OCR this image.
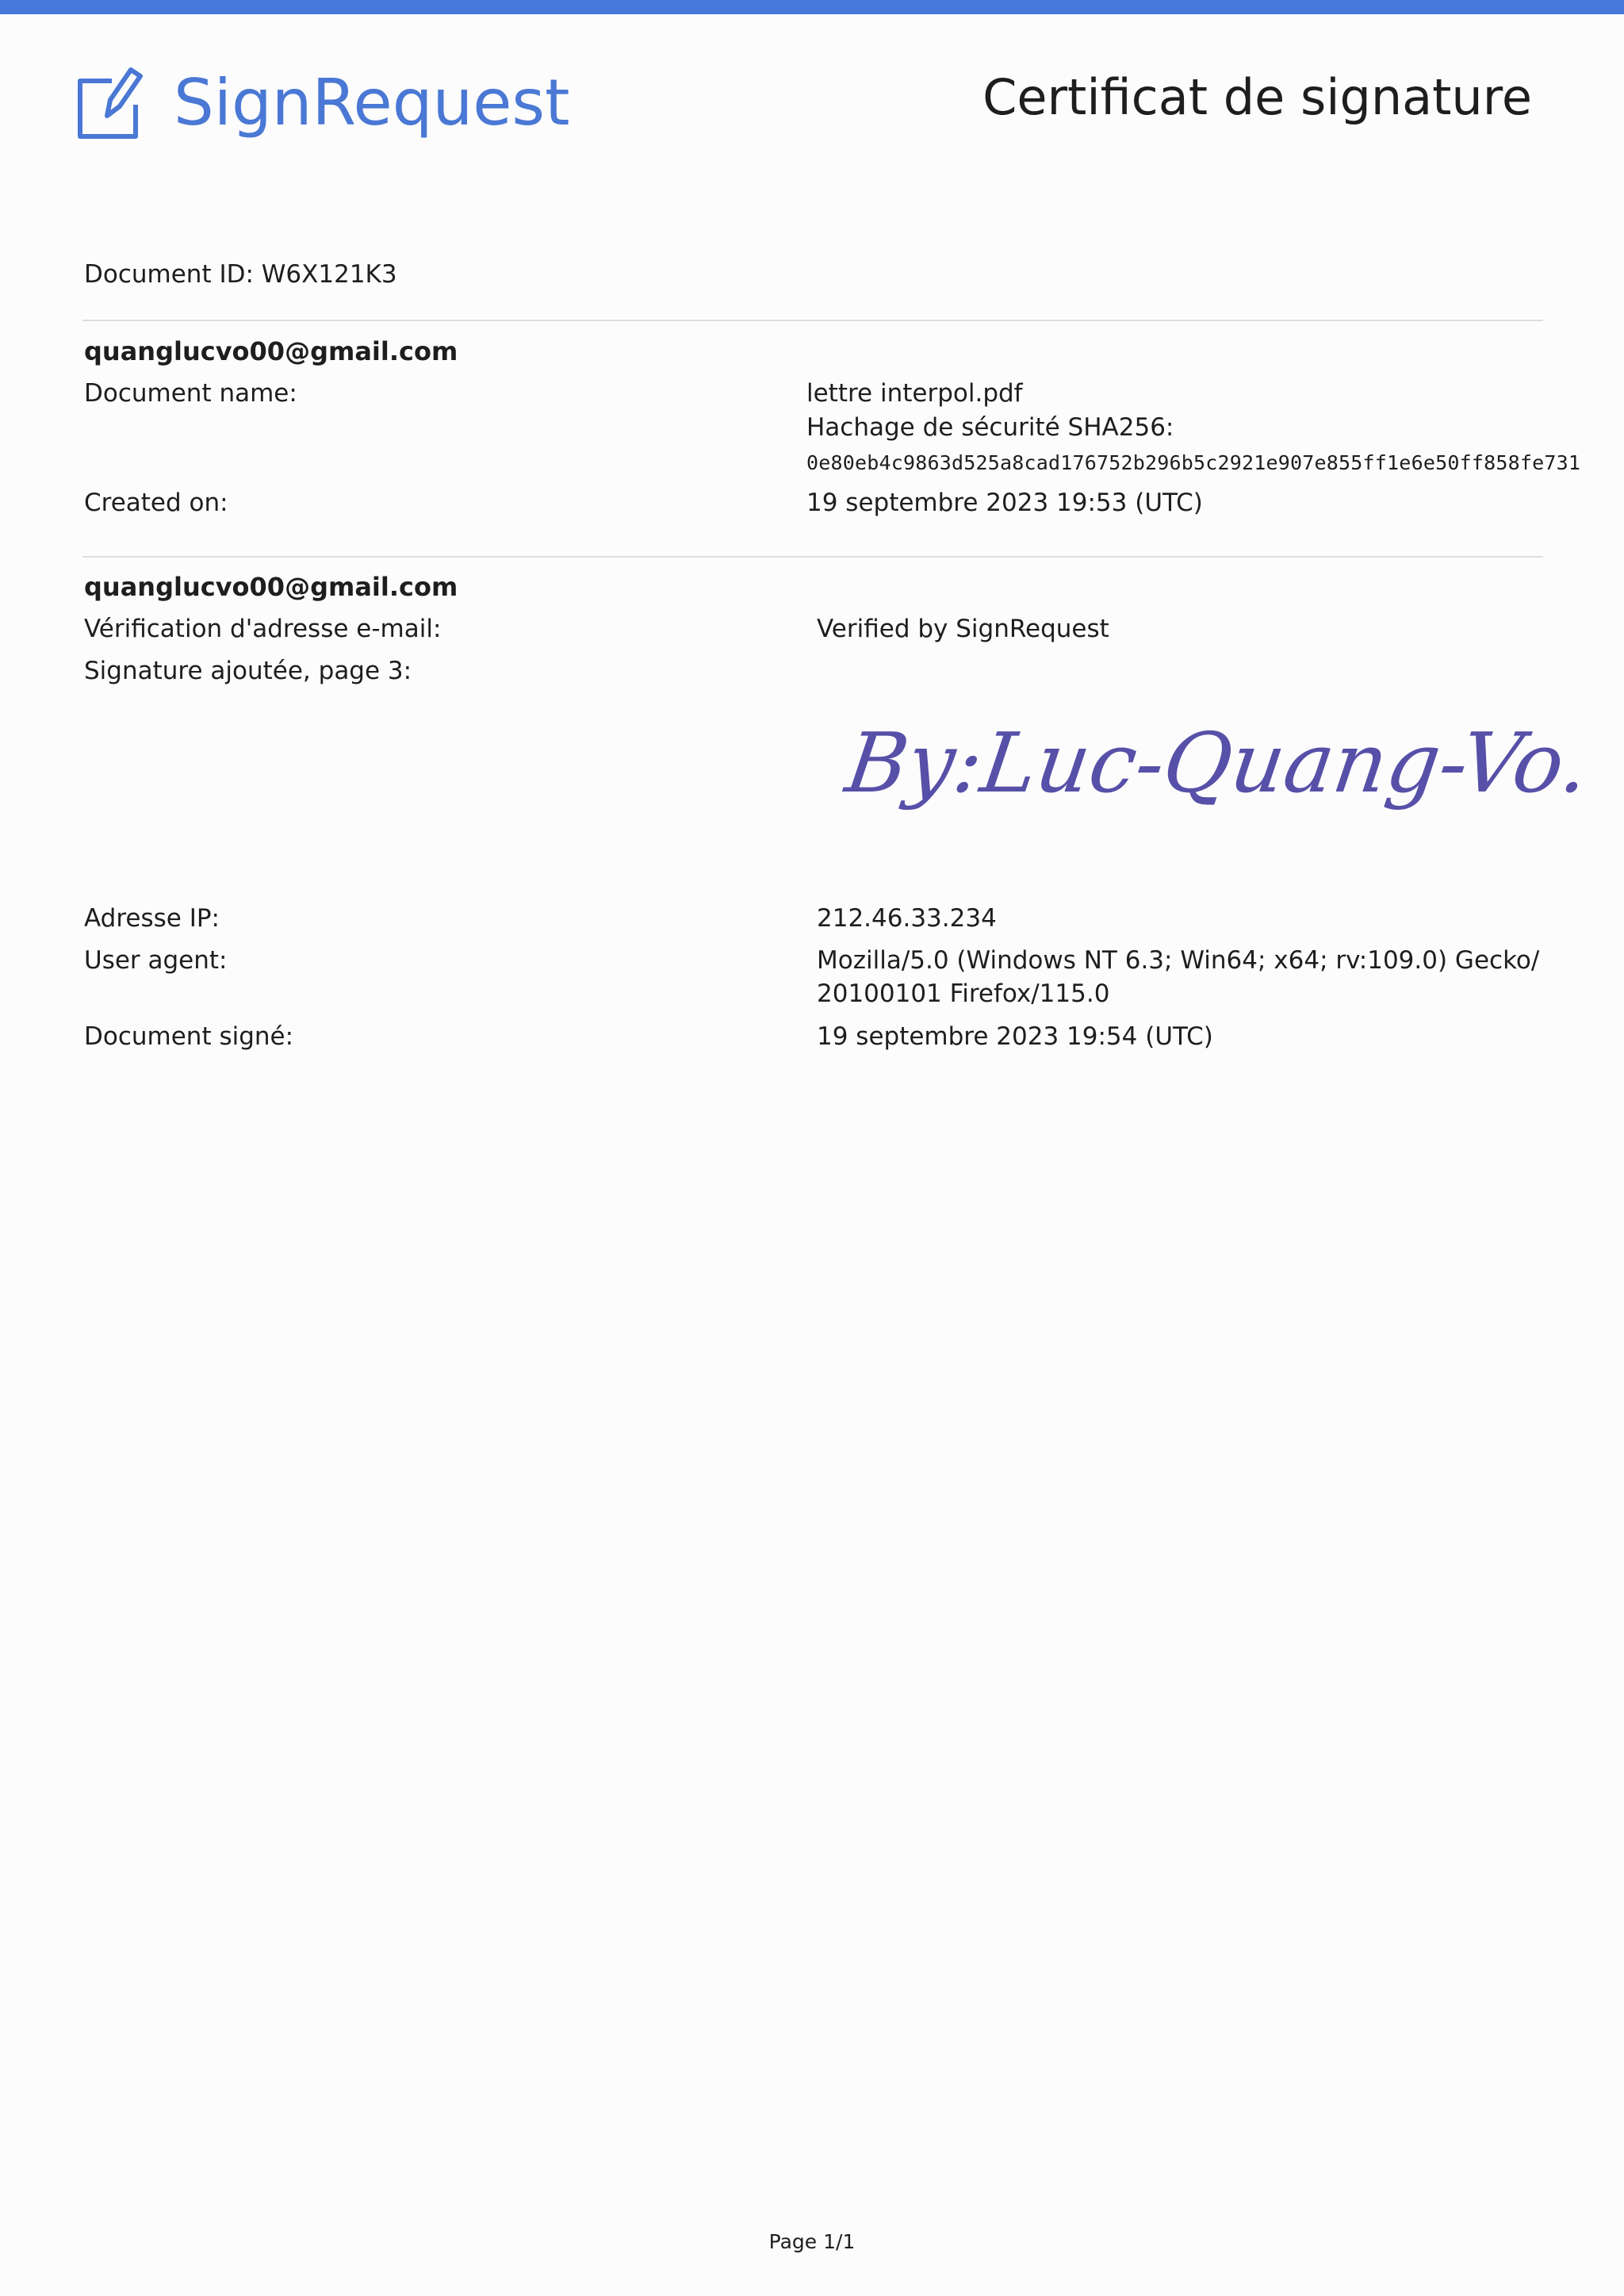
SignRequest	Certificat de signature
Document ID: W6X121K3
quanglucvo00@gmail.com
Document name:	lettre interpol.pdf
Hachage de sécurité SHA256:
0e80eb4c9863d525a8cad176752b296b5c2921e907e855ff1e6e50ff858fe731
Created on:	19 septembre 2023 19:53 (UTC)
quanglucvo00@gmail.com
Vérification d'adresse e-mail:	Verified by SignRequest
Signature ajoutée, page 3:
By:Luc-Quang-Vo.
Adresse IP:	212.46.33.234
User agent:	Mozilla/5.0 (Windows NT 6.3; Win64; x64; rv:109.0) Gecko/
20100101 Firefox/115.0
Document signé:	19 septembre 2023 19:54 (UTC)
Page 1/1
